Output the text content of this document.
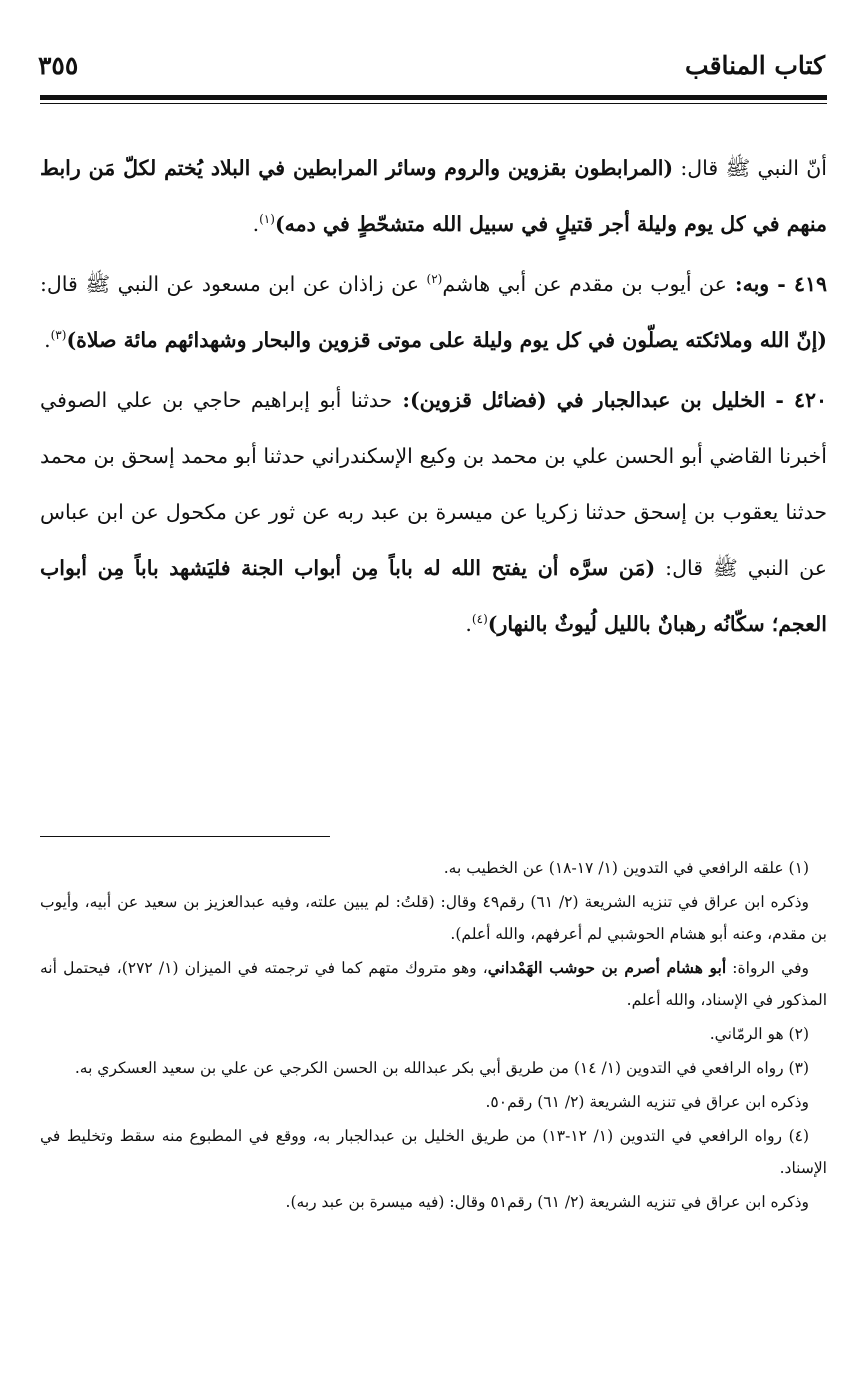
كتاب المناقب
٣٥٥

أنّ النبي ﷺ قال: (المرابطون بقزوين والروم وسائر المرابطين في البلاد يُختم لكلّ مَن رابط منهم في كل يوم وليلة أجر قتيلٍ في سبيل الله متشحّطٍ في دمه)$^{(١)}$.

٤١٩ - وبه: عن أيوب بن مقدم عن أبي هاشم$^{(٢)}$ عن زاذان عن ابن مسعود عن النبي ﷺ قال: (إنّ الله وملائكته يصلّون في كل يوم وليلة على موتى قزوين والبحار وشهدائهم مائة صلاة)$^{(٣)}$.

٤٢٠ - الخليل بن عبدالجبار في (فضائل قزوين): حدثنا أبو إبراهيم حاجي بن علي الصوفي أخبرنا القاضي أبو الحسن علي بن محمد بن وكيع الإسكندراني حدثنا أبو محمد إسحق بن محمد حدثنا يعقوب بن إسحق حدثنا زكريا عن ميسرة بن عبد ربه عن ثور عن مكحول عن ابن عباس عن النبي ﷺ قال: (مَن سرَّه أن يفتح الله له باباً مِن أبواب الجنة فليَشهد باباً مِن أبواب العجم؛ سكّانُه رهبانٌ بالليل لُيوثٌ بالنهار)$^{(٤)}$.

(١) علقه الرافعي في التدوين (١/ ١٧-١٨) عن الخطيب به.

وذكره ابن عراق في تنزيه الشريعة (٢/ ٦١) رقم٤٩ وقال: (قلتُ: لم يبين علته، وفيه عبدالعزيز بن سعيد عن أبيه، وأيوب بن مقدم، وعنه أبو هشام الحوشبي لم أعرفهم، والله أعلم).

وفي الرواة: أبو هشام أصرم بن حوشب الهَمْداني، وهو متروك متهم كما في ترجمته في الميزان (١/ ٢٧٢)، فيحتمل أنه المذكور في الإسناد، والله أعلم.

(٢) هو الرمّاني.

(٣) رواه الرافعي في التدوين (١/ ١٤) من طريق أبي بكر عبدالله بن الحسن الكرجي عن علي بن سعيد العسكري به.

وذكره ابن عراق في تنزيه الشريعة (٢/ ٦١) رقم٥٠.

(٤) رواه الرافعي في التدوين (١/ ١٢-١٣) من طريق الخليل بن عبدالجبار به، ووقع في المطبوع منه سقط وتخليط في الإسناد.

وذكره ابن عراق في تنزيه الشريعة (٢/ ٦١) رقم٥١ وقال: (فيه ميسرة بن عبد ربه).
